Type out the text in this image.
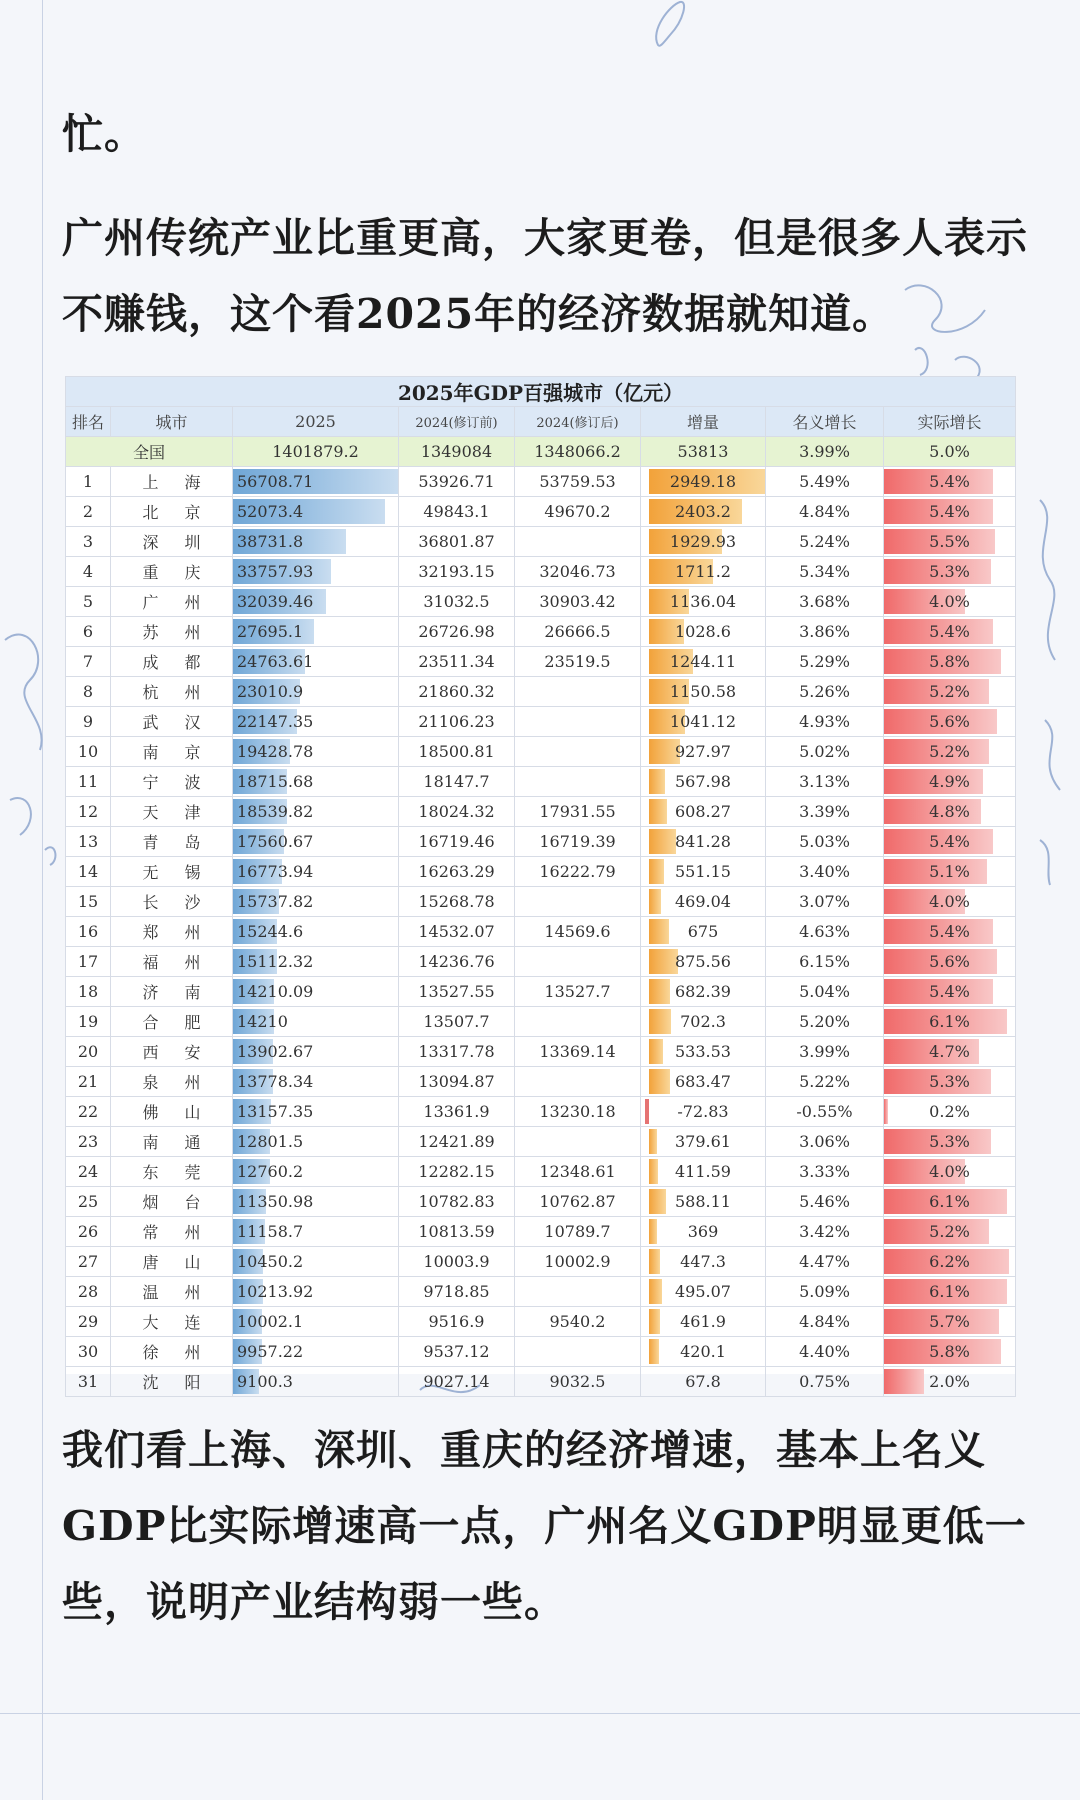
忙。
广州传统产业比重更高，大家更卷，但是很多人表示不赚钱，这个看2025年的经济数据就知道。
2025年GDP百强城市（亿元）							
排名	城市	2025	2024(修订前)	2024(修订后)	增量	名义增长	实际增长
全国		1401879.2	1349084	1348066.2	53813	3.99%	5.0%
1	上海	56708.71	53926.71	53759.53	2949.18	5.49%	5.4%
2	北京	52073.4	49843.1	49670.2	2403.2	4.84%	5.4%
3	深圳	38731.8	36801.87		1929.93	5.24%	5.5%
4	重庆	33757.93	32193.15	32046.73	1711.2	5.34%	5.3%
5	广州	32039.46	31032.5	30903.42	1136.04	3.68%	4.0%
6	苏州	27695.1	26726.98	26666.5	1028.6	3.86%	5.4%
7	成都	24763.61	23511.34	23519.5	1244.11	5.29%	5.8%
8	杭州	23010.9	21860.32		1150.58	5.26%	5.2%
9	武汉	22147.35	21106.23		1041.12	4.93%	5.6%
10	南京	19428.78	18500.81		927.97	5.02%	5.2%
11	宁波	18715.68	18147.7		567.98	3.13%	4.9%
12	天津	18539.82	18024.32	17931.55	608.27	3.39%	4.8%
13	青岛	17560.67	16719.46	16719.39	841.28	5.03%	5.4%
14	无锡	16773.94	16263.29	16222.79	551.15	3.40%	5.1%
15	长沙	15737.82	15268.78		469.04	3.07%	4.0%
16	郑州	15244.6	14532.07	14569.6	675	4.63%	5.4%
17	福州	15112.32	14236.76		875.56	6.15%	5.6%
18	济南	14210.09	13527.55	13527.7	682.39	5.04%	5.4%
19	合肥	14210	13507.7		702.3	5.20%	6.1%
20	西安	13902.67	13317.78	13369.14	533.53	3.99%	4.7%
21	泉州	13778.34	13094.87		683.47	5.22%	5.3%
22	佛山	13157.35	13361.9	13230.18	-72.83	-0.55%	0.2%
23	南通	12801.5	12421.89		379.61	3.06%	5.3%
24	东莞	12760.2	12282.15	12348.61	411.59	3.33%	4.0%
25	烟台	11350.98	10782.83	10762.87	588.11	5.46%	6.1%
26	常州	11158.7	10813.59	10789.7	369	3.42%	5.2%
27	唐山	10450.2	10003.9	10002.9	447.3	4.47%	6.2%
28	温州	10213.92	9718.85		495.07	5.09%	6.1%
29	大连	10002.1	9516.9	9540.2	461.9	4.84%	5.7%
30	徐州	9957.22	9537.12		420.1	4.40%	5.8%
31	沈阳	9100.3	9027.14	9032.5	67.8	0.75%	2.0%
我们看上海、深圳、重庆的经济增速，基本上名义GDP比实际增速高一点，广州名义GDP明显更低一些，说明产业结构弱一些。
